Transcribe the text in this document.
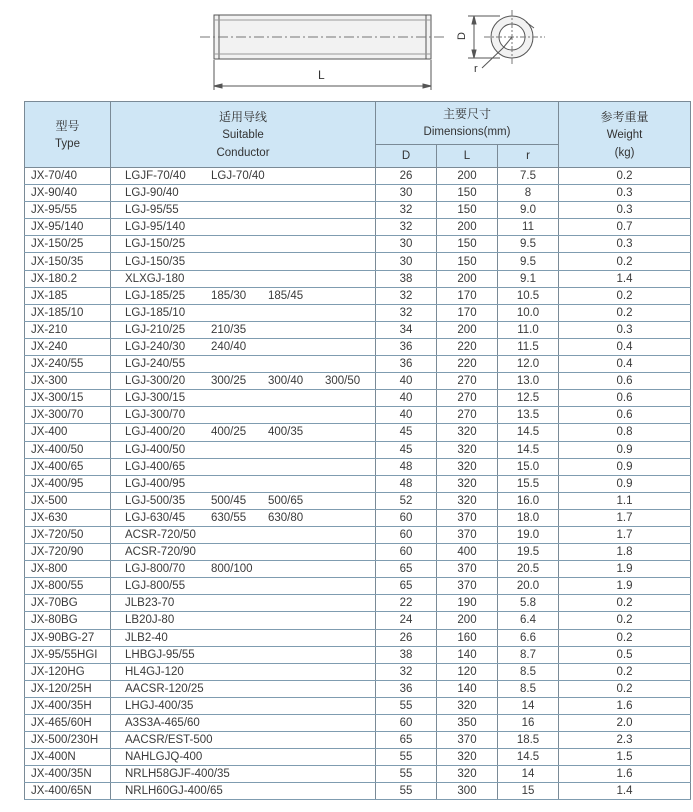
L
D
r
型号
Type	适用导线
Suitable
Conductor	主要尺寸
Dimensions(mm)			参考重量
Weight
(kg)

		D	L	r	
JX-70/40	LGJF-70/40 LGJ-70/40	26	200	7.5	0.2
JX-90/40	LGJ-90/40	30	150	8	0.3
JX-95/55	LGJ-95/55	32	150	9.0	0.3
JX-95/140	LGJ-95/140	32	200	11	0.7
JX-150/25	LGJ-150/25	30	150	9.5	0.3
JX-150/35	LGJ-150/35	30	150	9.5	0.2
JX-180.2	XLXGJ-180	38	200	9.1	1.4
JX-185	LGJ-185/25 185/30 185/45	32	170	10.5	0.2
JX-185/10	LGJ-185/10	32	170	10.0	0.2
JX-210	LGJ-210/25 210/35	34	200	11.0	0.3
JX-240	LGJ-240/30 240/40	36	220	11.5	0.4
JX-240/55	LGJ-240/55	36	220	12.0	0.4
JX-300	LGJ-300/20 300/25 300/40 300/50	40	270	13.0	0.6
JX-300/15	LGJ-300/15	40	270	12.5	0.6
JX-300/70	LGJ-300/70	40	270	13.5	0.6
JX-400	LGJ-400/20 400/25 400/35	45	320	14.5	0.8
JX-400/50	LGJ-400/50	45	320	14.5	0.9
JX-400/65	LGJ-400/65	48	320	15.0	0.9
JX-400/95	LGJ-400/95	48	320	15.5	0.9
JX-500	LGJ-500/35 500/45 500/65	52	320	16.0	1.1
JX-630	LGJ-630/45 630/55 630/80	60	370	18.0	1.7
JX-720/50	ACSR-720/50	60	370	19.0	1.7
JX-720/90	ACSR-720/90	60	400	19.5	1.8
JX-800	LGJ-800/70 800/100	65	370	20.5	1.9
JX-800/55	LGJ-800/55	65	370	20.0	1.9
JX-70BG	JLB23-70	22	190	5.8	0.2
JX-80BG	LB20J-80	24	200	6.4	0.2
JX-90BG-27	JLB2-40	26	160	6.6	0.2
JX-95/55HGI	LHBGJ-95/55	38	140	8.7	0.5
JX-120HG	HL4GJ-120	32	120	8.5	0.2
JX-120/25H	AACSR-120/25	36	140	8.5	0.2
JX-400/35H	LHGJ-400/35	55	320	14	1.6
JX-465/60H	A3S3A-465/60	60	350	16	2.0
JX-500/230H	AACSR/EST-500	65	370	18.5	2.3
JX-400N	NAHLGJQ-400	55	320	14.5	1.5
JX-400/35N	NRLH58GJF-400/35	55	320	14	1.6
JX-400/65N	NRLH60GJ-400/65	55	300	15	1.4
